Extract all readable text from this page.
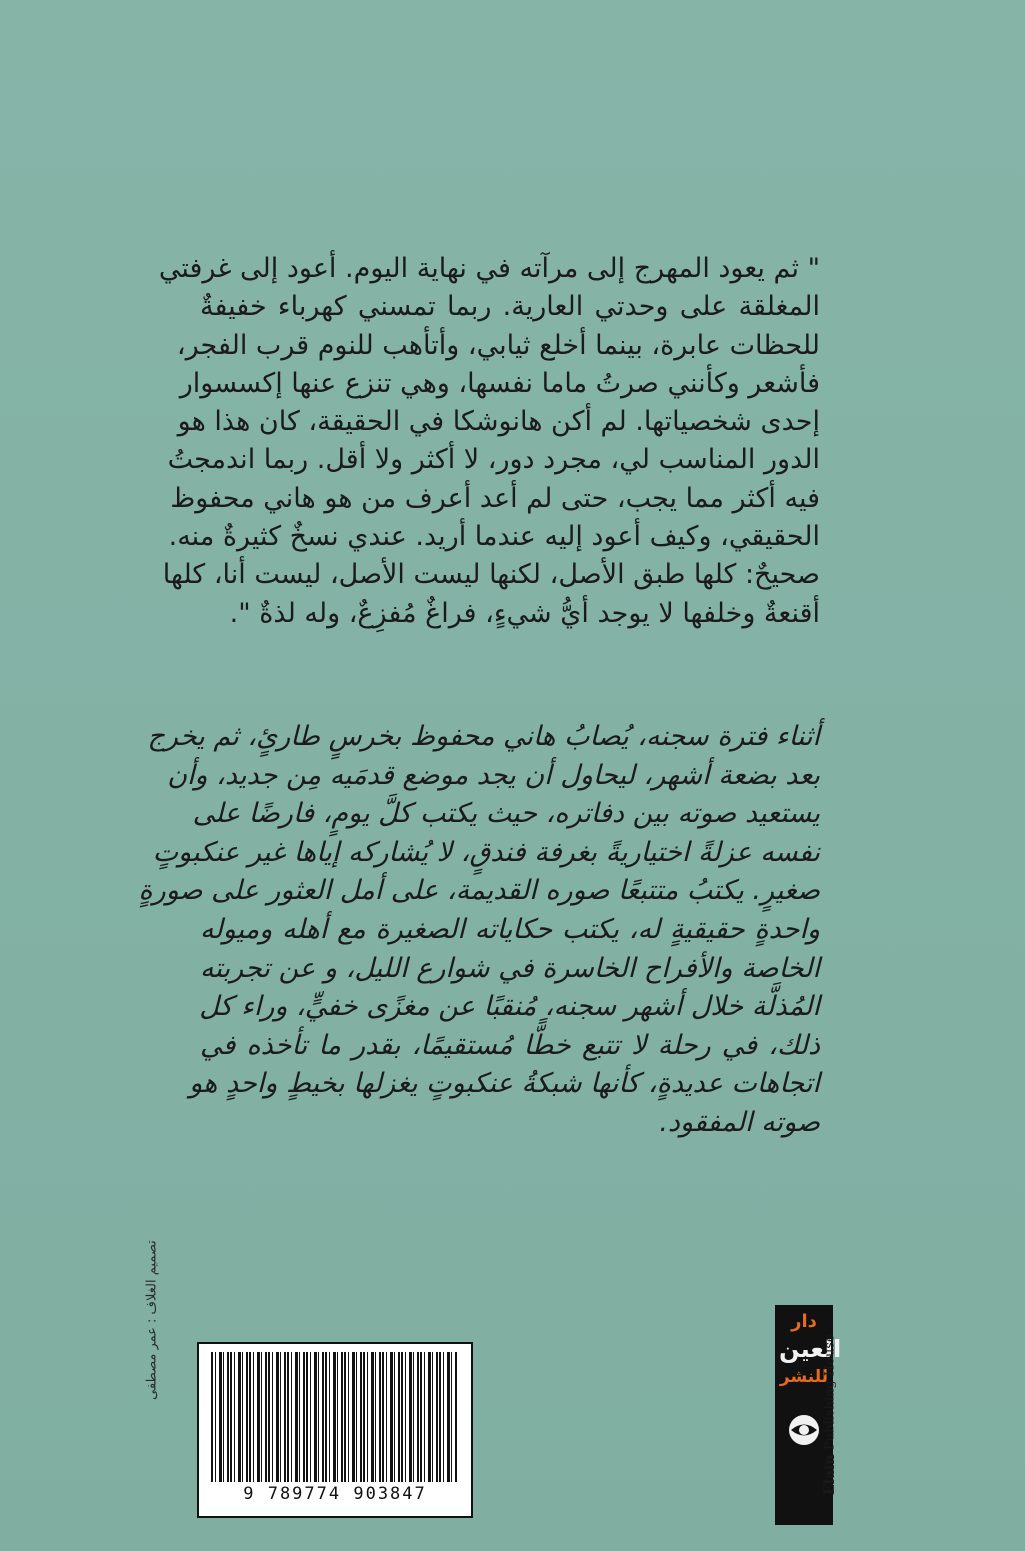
" ثم يعود المهرج إلى مرآته في نهاية اليوم. أعود إلى غرفتي
المغلقة على وحدتي العارية. ربما تمسني كهرباء خفيفةٌ
للحظات عابرة، بينما أخلع ثيابي، وأتأهب للنوم قرب الفجر،
فأشعر وكأنني صرتُ ماما نفسها، وهي تنزع عنها إكسسوار
إحدى شخصياتها. لم أكن هانوشكا في الحقيقة، كان هذا هو
الدور المناسب لي، مجرد دور، لا أكثر ولا أقل. ربما اندمجتُ
فيه أكثر مما يجب، حتى لم أعد أعرف من هو هاني محفوظ
الحقيقي، وكيف أعود إليه عندما أريد. عندي نسخٌ كثيرةٌ منه.
صحيحٌ: كلها طبق الأصل، لكنها ليست الأصل، ليست أنا، كلها
أقنعةٌ وخلفها لا يوجد أيُّ شيءٍ، فراغٌ مُفزِعٌ، وله لذةٌ ".
أثناء فترة سجنه، يُصابُ هاني محفوظ بخرسٍ طارئٍ، ثم يخرج
بعد بضعة أشهر، ليحاول أن يجد موضع قدمَيه مِن جديد، وأن
يستعيد صوته بين دفاتره، حيث يكتب كلَّ يومٍ، فارضًا على
نفسه عزلةً اختياريةً بغرفة فندقٍ، لا يُشاركه إياها غير عنكبوتٍ
صغيرٍ. يكتبُ متتبعًا صوره القديمة، على أمل العثور على صورةٍ
واحدةٍ حقيقيةٍ له، يكتب حكاياته الصغيرة مع أهله وميوله
الخاصة والأفراح الخاسرة في شوارع الليل، و عن تجربته
المُذلَّة خلال أشهر سجنه، مُنقبًا عن مغزًى خفيٍّ، وراء كل
ذلك، في رحلة لا تتبع خطًّا مُستقيمًا، بقدر ما تأخذه في
اتجاهات عديدةٍ، كأنها شبكةُ عنكبوتٍ يغزلها بخيطٍ واحدٍ هو
صوته المفقود.
تصميم الغلاف : عمر مصطفى
9 789774 903847
دار
العين
للنشر
Elain

Publishing House
